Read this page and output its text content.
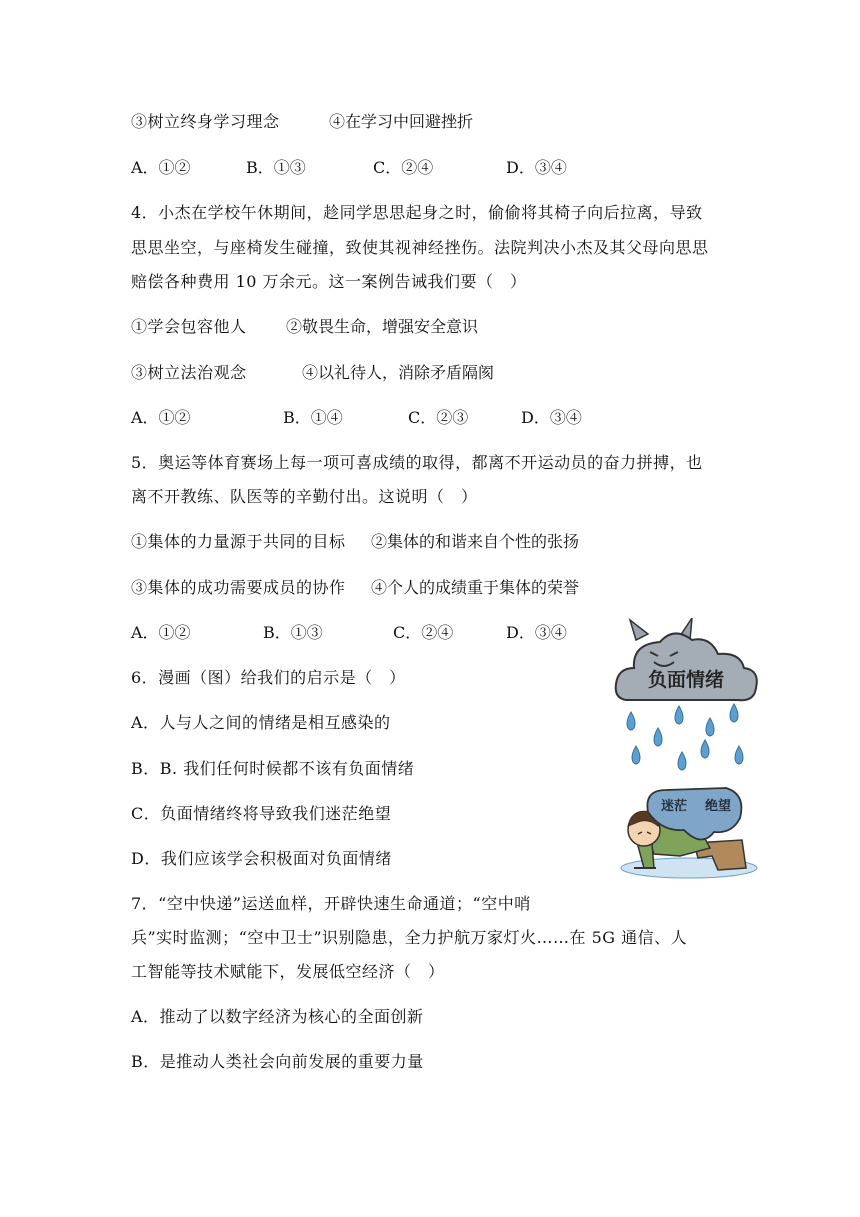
③树立终身学习理念	④在学习中回避挫折
A．①②	B．①③	C．②④	D．③④
4．小杰在学校午休期间，趁同学思思起身之时，偷偷将其椅子向后拉离，导致
思思坐空，与座椅发生碰撞，致使其视神经挫伤。法院判决小杰及其父母向思思
赔偿各种费用 10 万余元。这一案例告诫我们要（　）
①学会包容他人 ②敬畏生命，增强安全意识
③树立法治观念	④以礼待人，消除矛盾隔阂
A．①②	B．①④	C．②③	D．③④
5．奥运等体育赛场上每一项可喜成绩的取得，都离不开运动员的奋力拼搏，也
离不开教练、队医等的辛勤付出。这说明（　）
①集体的力量源于共同的目标 ②集体的和谐来自个性的张扬
③集体的成功需要成员的协作 ④个人的成绩重于集体的荣誉
A．①②	B．①③	C．②④	D．③④
6．漫画（图）给我们的启示是（　）
A．人与人之间的情绪是相互感染的
B．B. 我们任何时候都不该有负面情绪
C．负面情绪终将导致我们迷茫绝望
D．我们应该学会积极面对负面情绪
负面情绪
迷茫 绝望
7．“空中快递”运送血样，开辟快速生命通道；“空中哨
兵”实时监测；“空中卫士”识别隐患，全力护航万家灯火……在 5G 通信、人
工智能等技术赋能下，发展低空经济（　）
A．推动了以数字经济为核心的全面创新
B．是推动人类社会向前发展的重要力量
